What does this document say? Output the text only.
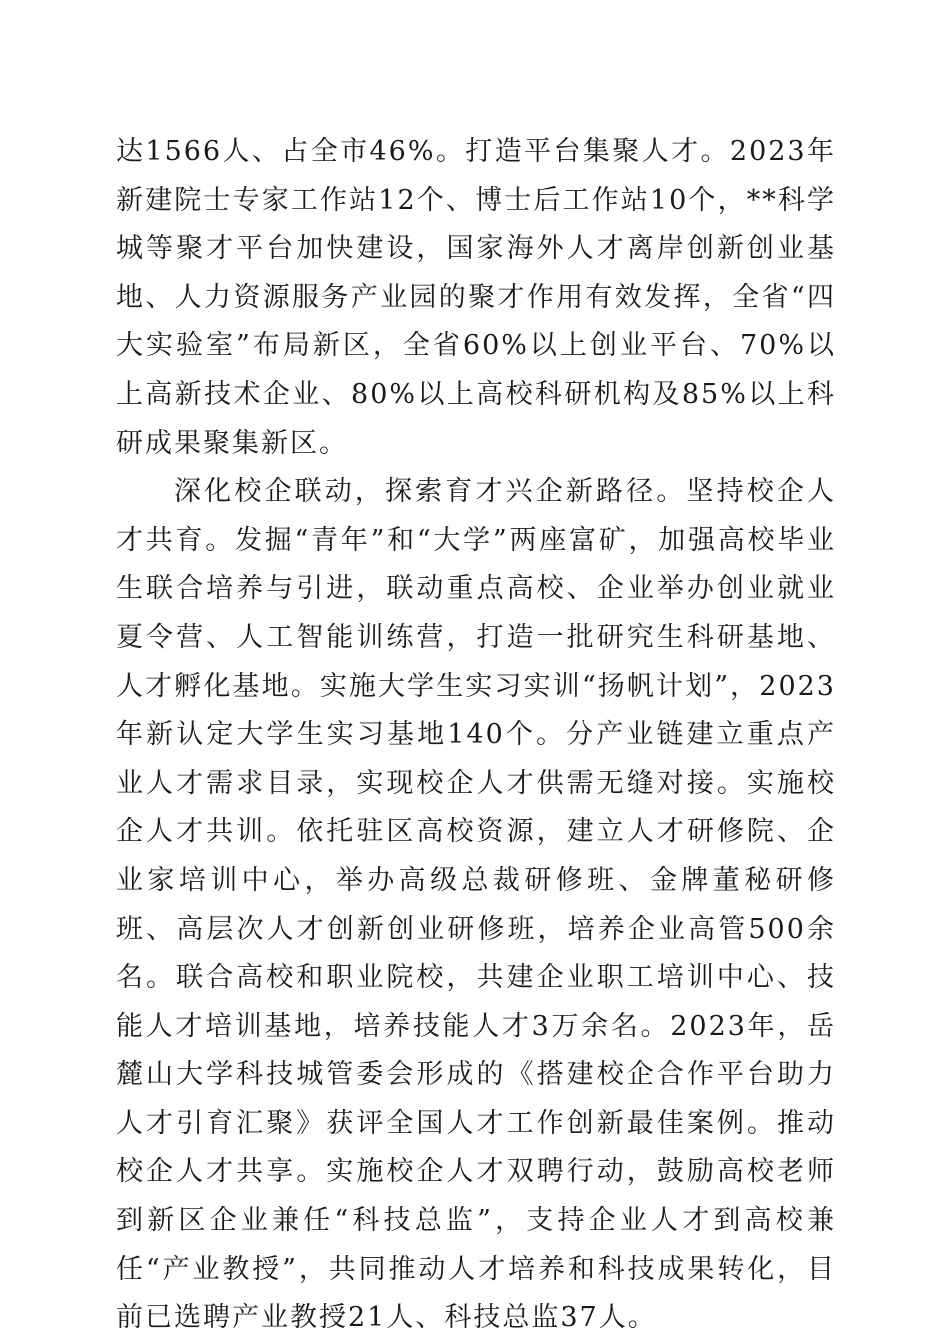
达1566人、占全市46%。打造平台集聚人才。2023年新建院士专家工作站12个、博士后工作站10个，**科学城等聚才平台加快建设，国家海外人才离岸创新创业基地、人力资源服务产业园的聚才作用有效发挥，全省“四大实验室”布局新区，全省60%以上创业平台、70%以上高新技术企业、80%以上高校科研机构及85%以上科研成果聚集新区。

深化校企联动，探索育才兴企新路径。坚持校企人才共育。发掘“青年”和“大学”两座富矿，加强高校毕业生联合培养与引进，联动重点高校、企业举办创业就业夏令营、人工智能训练营，打造一批研究生科研基地、人才孵化基地。实施大学生实习实训“扬帆计划”，2023年新认定大学生实习基地140个。分产业链建立重点产业人才需求目录，实现校企人才供需无缝对接。实施校企人才共训。依托驻区高校资源，建立人才研修院、企业家培训中心，举办高级总裁研修班、金牌董秘研修班、高层次人才创新创业研修班，培养企业高管500余名。联合高校和职业院校，共建企业职工培训中心、技能人才培训基地，培养技能人才3万余名。2023年，岳麓山大学科技城管委会形成的《搭建校企合作平台助力人才引育汇聚》获评全国人才工作创新最佳案例。推动校企人才共享。实施校企人才双聘行动，鼓励高校老师到新区企业兼任“科技总监”，支持企业人才到高校兼任“产业教授”，共同推动人才培养和科技成果转化，目前已选聘产业教授21人、科技总监37人。
